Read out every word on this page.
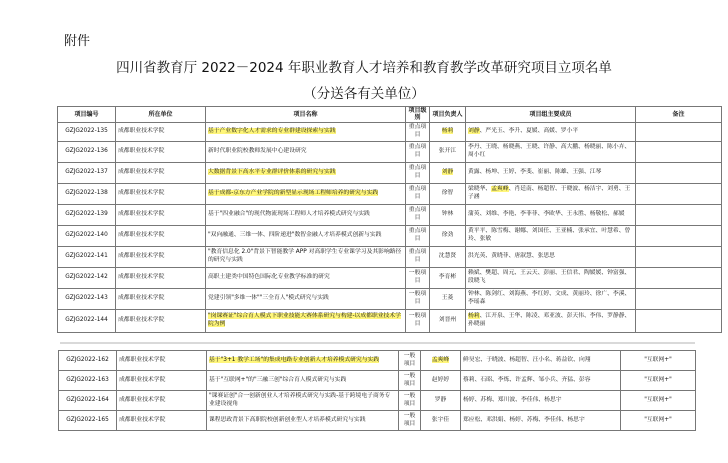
附件
四川省教育厅 2022－2024 年职业教育人才培养和教育教学改革研究项目立项名单
（分送各有关单位）
项目编号	所在单位	项目名称	项目级别	项目负责人	项目组主要成员	备注
GZJG2022-135	成都职业技术学院	基于产业数字化人才需求的专业群建设探索与实践	重点项目	杨莉	刘静、严光玉、李升、夏媛、高媛、罗小平	
GZJG2022-136	成都职业技术学院	新时代职业院校教师发展中心建设研究	重点项目	张开江	李丹、王晓、杨晓燕、王晓、许静、高大鹏、杨晓丽、陈小卉、周小红	
GZJG2022-137	成都职业技术学院	大数据背景下高水平专业群评价体系的研究与实践	重点项目	刘静	黄露、杨坤、王婷、李斐、崔丽、陈雄、王强、江琴	
GZJG2022-138	成都职业技术学院	基于成都-京东方产业学院的新型显示现场工程师培养的研究与实践	重点项目	徐智	梁晓华、孟爽峰、肖廷南、杨超智、于晓波、杨洁宇、刘勇、王子涵	
GZJG2022-139	成都职业技术学院	基于"四业融合"的现代物流现场工程师人才培养模式研究与实践	重点项目	钟林	蒲英、刘维、李艳、李菲菲、李欧华、王永胜、杨敬松、郝媛	
GZJG2022-140	成都职业技术学院	"双向融通、三维一体、四阶递进"数智金融人才培养模式创新与实践	重点项目	徐劲	黄平平、陈雪梅、谢娜、刘国任、王亚楠、张承宜、叶慧希、曾玲、张敏	
GZJG2022-141	成都职业技术学院	"教育信息化 2.0"背景下智能教学 APP 对高职学生专业课学习及其影响路径的研究与实践	重点项目	沈慧贤	洪光英、黄晓菲、唐淑慧、张思思	
GZJG2022-142	成都职业技术学院	高职土建类中国特色国际化专业教学标准的研究	一般项目	李育彬	赖斌、樊超、周元、王云天、彭丽、王信君、陶媛媛、钟富强、段晓飞	
GZJG2022-143	成都职业技术学院	党建引领"多维一体""三全育人"模式研究与实践	一般项目	王菱	钟林、陈剑红、刘海燕、李红婷、文成、黄丽玲、徐广、李溪、李瑶森	
GZJG2022-144	成都职业技术学院	"岗课赛证"综合育人模式下职业技能大赛体系研究与构建-以成都职业技术学院为例	一般项目	刘晋州	杨莉、江开泉、王华、陈凌、邓亚波、彭天伟、李伟、罗静静、孙晓丽	
GZJG2022-162	成都职业技术学院	基于"3+1 教学工场"的集成电路专业创新人才培养模式研究与实践	一般项目	孟爽峰	鲜昊宏、于晓波、杨超智、汪小名、蒋益钦、向翔	"互联网+"
GZJG2022-163	成都职业技术学院	基于"互联网+"的"三融三创"综合育人模式研究与实践	一般项目	赵婷婷	蔡莉、石昭、李炼、许孟辉、邹小兵、齐猛、彭容	"互联网+"
GZJG2022-164	成都职业技术学院	"课赛证创"合一创新创业人才培养模式研究与实践-基于跨境电子商务专业建设视角	一般项目	罗静	杨婷、苏梅、郑川波、李佳伟、杨思宇	"互联网+"
GZJG2022-165	成都职业技术学院	课程思政背景下高职院校创新创业型人才培养模式研究与实践	一般项目	张宇佳	郑应松、邓洪娟、杨婷、苏梅、李佳伟、杨思宇	"互联网+"
